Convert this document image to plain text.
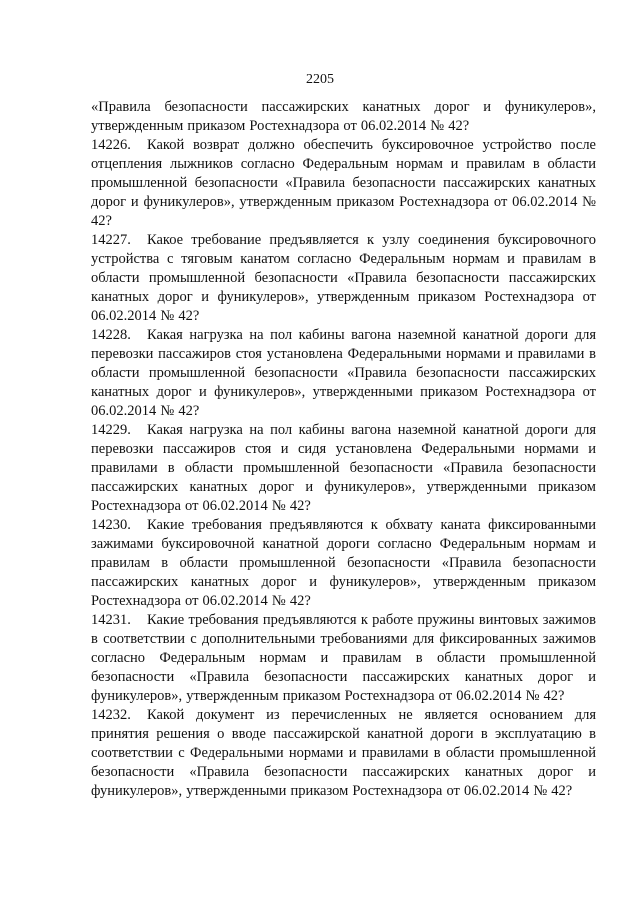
2205

«Правила безопасности пассажирских канатных дорог и фуникулеров», утвержденным приказом Ростехнадзора от 06.02.2014 № 42?

14226. Какой возврат должно обеспечить буксировочное устройство после отцепления лыжников согласно Федеральным нормам и правилам в области промышленной безопасности «Правила безопасности пассажирских канатных дорог и фуникулеров», утвержденным приказом Ростехнадзора от 06.02.2014 № 42?

14227. Какое требование предъявляется к узлу соединения буксировочного устройства с тяговым канатом согласно Федеральным нормам и правилам в области промышленной безопасности «Правила безопасности пассажирских канатных дорог и фуникулеров», утвержденным приказом Ростехнадзора от 06.02.2014 № 42?

14228. Какая нагрузка на пол кабины вагона наземной канатной дороги для перевозки пассажиров стоя установлена Федеральными нормами и правилами в области промышленной безопасности «Правила безопасности пассажирских канатных дорог и фуникулеров», утвержденными приказом Ростехнадзора от 06.02.2014 № 42?

14229. Какая нагрузка на пол кабины вагона наземной канатной дороги для перевозки пассажиров стоя и сидя установлена Федеральными нормами и правилами в области промышленной безопасности «Правила безопасности пассажирских канатных дорог и фуникулеров», утвержденными приказом Ростехнадзора от 06.02.2014 № 42?

14230. Какие требования предъявляются к обхвату каната фиксированными зажимами буксировочной канатной дороги согласно Федеральным нормам и правилам в области промышленной безопасности «Правила безопасности пассажирских канатных дорог и фуникулеров», утвержденным приказом Ростехнадзора от 06.02.2014 № 42?

14231. Какие требования предъявляются к работе пружины винтовых зажимов в соответствии с дополнительными требованиями для фиксированных зажимов согласно Федеральным нормам и правилам в области промышленной безопасности «Правила безопасности пассажирских канатных дорог и фуникулеров», утвержденным приказом Ростехнадзора от 06.02.2014 № 42?

14232. Какой документ из перечисленных не является основанием для принятия решения о вводе пассажирской канатной дороги в эксплуатацию в соответствии с Федеральными нормами и правилами в области промышленной безопасности «Правила безопасности пассажирских канатных дорог и фуникулеров», утвержденными приказом Ростехнадзора от 06.02.2014 № 42?
